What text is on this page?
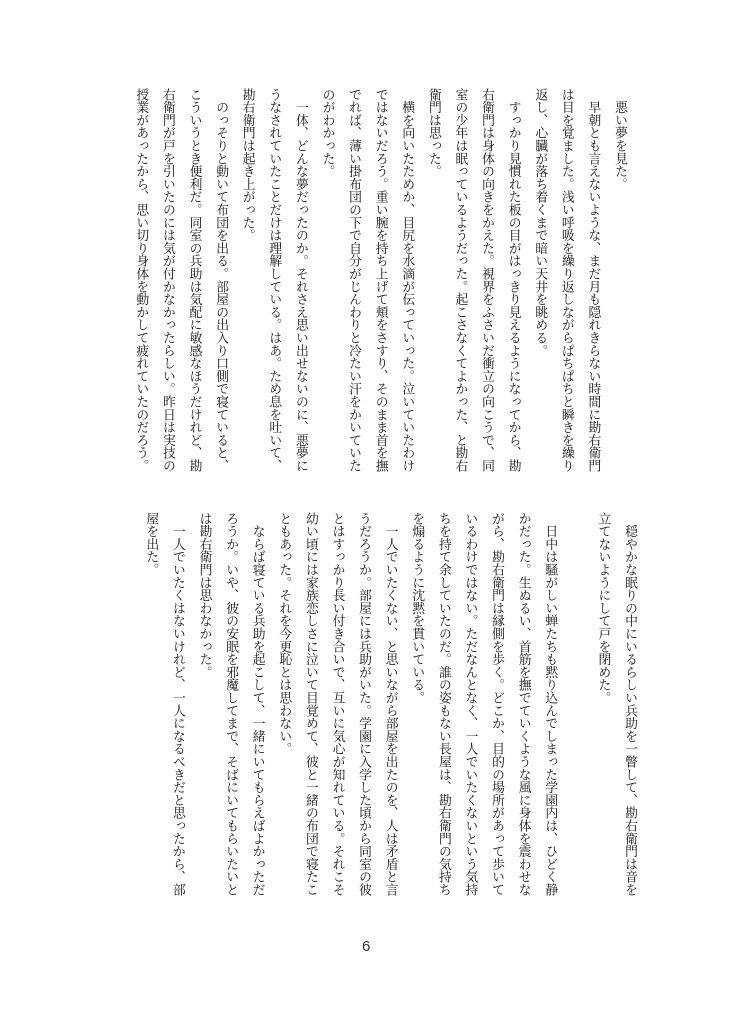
　悪い夢を見た。
　早朝とも言えないような、まだ月も隠れきらない時間に勘右衛門
は目を覚ました。浅い呼吸を繰り返しながらぱちぱちと瞬きを繰り
返し、心臓が落ち着くまで暗い天井を眺める。
　すっかり見慣れた板の目がはっきり見えるようになってから、勘
右衛門は身体の向きをかえた。視界をふさいだ衝立の向こうで、同
室の少年は眠っているようだった。起こさなくてよかった、と勘右
衛門は思った。
　横を向いたためか、目尻を水滴が伝っていった。泣いていたわけ
ではないだろう。重い腕を持ち上げて頬をさすり、そのまま首を撫
でれば、薄い掛布団の下で自分がじんわりと冷たい汗をかいていた
のがわかった。
　一体、どんな夢だったのか。それさえ思い出せないのに、悪夢に
うなされていたことだけは理解している。はあ。ため息を吐いて、
勘右衛門は起き上がった。
　のっそりと動いて布団を出る。部屋の出入り口側で寝ていると、
こういうとき便利だ。同室の兵助は気配に敏感なほうだけれど、勘
右衛門が戸を引いたのには気が付かなかったらしい。昨日は実技の
授業があったから、思い切り身体を動かして疲れていたのだろう。
　穏やかな眠りの中にいるらしい兵助を一瞥して、勘右衛門は音を
立てないようにして戸を閉めた。
　日中は騒がしい蝉たちも黙り込んでしまった学園内は、ひどく静
かだった。生ぬるい、首筋を撫でていくような風に身体を震わせな
がら、勘右衛門は縁側を歩く。どこか、目的の場所があって歩いて
いるわけではない。ただなんとなく、一人でいたくないという気持
ちを持て余していたのだ。誰の姿もない長屋は、勘右衛門の気持ち
を煽るように沈黙を貫いている。
　一人でいたくない、と思いながら部屋を出たのを、人は矛盾と言
うだろうか。部屋には兵助がいた。学園に入学した頃から同室の彼
とはすっかり長い付き合いで、互いに気心が知れている。それこそ
幼い頃には家族恋しさに泣いて目覚めて、彼と一緒の布団で寝たこ
ともあった。それを今更恥とは思わない。
　ならば寝ている兵助を起こして、一緒にいてもらえばよかっただ
ろうか。いや、彼の安眠を邪魔してまで、そばにいてもらいたいと
は勘右衛門は思わなかった。
　一人でいたくはないけれど、一人になるべきだと思ったから、部
屋を出た。
6
